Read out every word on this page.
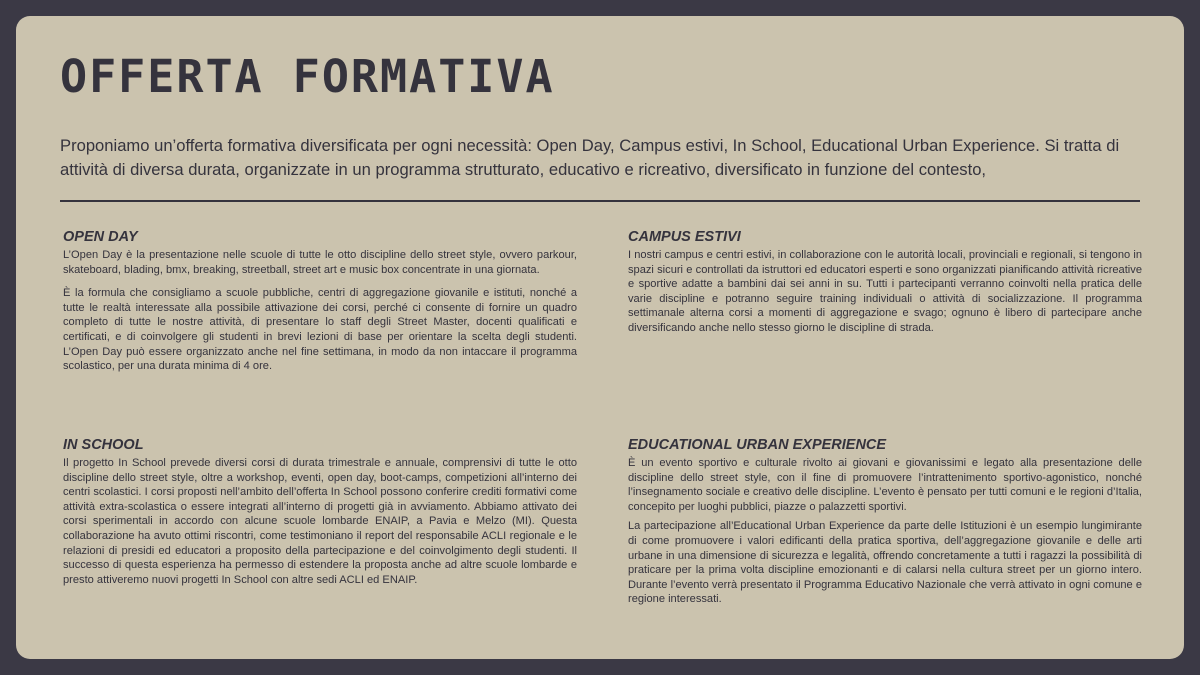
OFFERTA FORMATIVA

Proponiamo un’offerta formativa diversificata per ogni necessità: Open Day, Campus estivi, In School, Educational Urban Experience. Si tratta di attività di diversa durata, organizzate in un programma strutturato, educativo e ricreativo, diversificato in funzione del contesto,

OPEN DAY

L’Open Day è la presentazione nelle scuole di tutte le otto discipline dello street style, ovvero parkour, skateboard, blading, bmx, breaking, streetball, street art e music box concentrate in una giornata.

È la formula che consigliamo a scuole pubbliche, centri di aggregazione giovanile e istituti, nonché a tutte le realtà interessate alla possibile attivazione dei corsi, perché ci consente di fornire un quadro completo di tutte le nostre attività, di presentare lo staff degli Street Master, docenti qualificati e certificati, e di coinvolgere gli studenti in brevi lezioni di base per orientare la scelta degli studenti. L’Open Day può essere organizzato anche nel fine settimana, in modo da non intaccare il programma scolastico, per una durata minima di 4 ore.

CAMPUS ESTIVI

I nostri campus e centri estivi, in collaborazione con le autorità locali, provinciali e regionali, si tengono in spazi sicuri e controllati da istruttori ed educatori esperti e sono organizzati pianificando attività ricreative e sportive adatte a bambini dai sei anni in su. Tutti i partecipanti verranno coinvolti nella pratica delle varie discipline e potranno seguire training individuali o attività di socializzazione. Il programma settimanale alterna corsi a momenti di aggregazione e svago; ognuno è libero di partecipare anche diversificando anche nello stesso giorno le discipline di strada.

IN SCHOOL

Il progetto In School prevede diversi corsi di durata trimestrale e annuale, comprensivi di tutte le otto discipline dello street style, oltre a workshop, eventi, open day, boot-camps, competizioni all’interno dei centri scolastici. I corsi proposti nell’ambito dell’offerta In School possono conferire crediti formativi come attività extra-scolastica o essere integrati all’interno di progetti già in avviamento. Abbiamo attivato dei corsi sperimentali in accordo con alcune scuole lombarde ENAIP, a Pavia e Melzo (MI). Questa collaborazione ha avuto ottimi riscontri, come testimoniano il report del responsabile ACLI regionale e le relazioni di presidi ed educatori a proposito della partecipazione e del coinvolgimento degli studenti. Il successo di questa esperienza ha permesso di estendere la proposta anche ad altre scuole lombarde e presto attiveremo nuovi progetti In School con altre sedi ACLI ed ENAIP.

EDUCATIONAL URBAN EXPERIENCE

È un evento sportivo e culturale rivolto ai giovani e giovanissimi e legato alla presentazione delle discipline dello street style, con il fine di promuovere l’intrattenimento sportivo-agonistico, nonché l’insegnamento sociale e creativo delle discipline. L’evento è pensato per tutti comuni e le regioni d’Italia, concepito per luoghi pubblici, piazze o palazzetti sportivi.

La partecipazione all’Educational Urban Experience da parte delle Istituzioni è un esempio lungimirante di come promuovere i valori edificanti della pratica sportiva, dell’aggregazione giovanile e delle arti urbane in una dimensione di sicurezza e legalità, offrendo concretamente a tutti i ragazzi la possibilità di praticare per la prima volta discipline emozionanti e di calarsi nella cultura street per un giorno intero. Durante l’evento verrà presentato il Programma Educativo Nazionale che verrà attivato in ogni comune e regione interessati.
